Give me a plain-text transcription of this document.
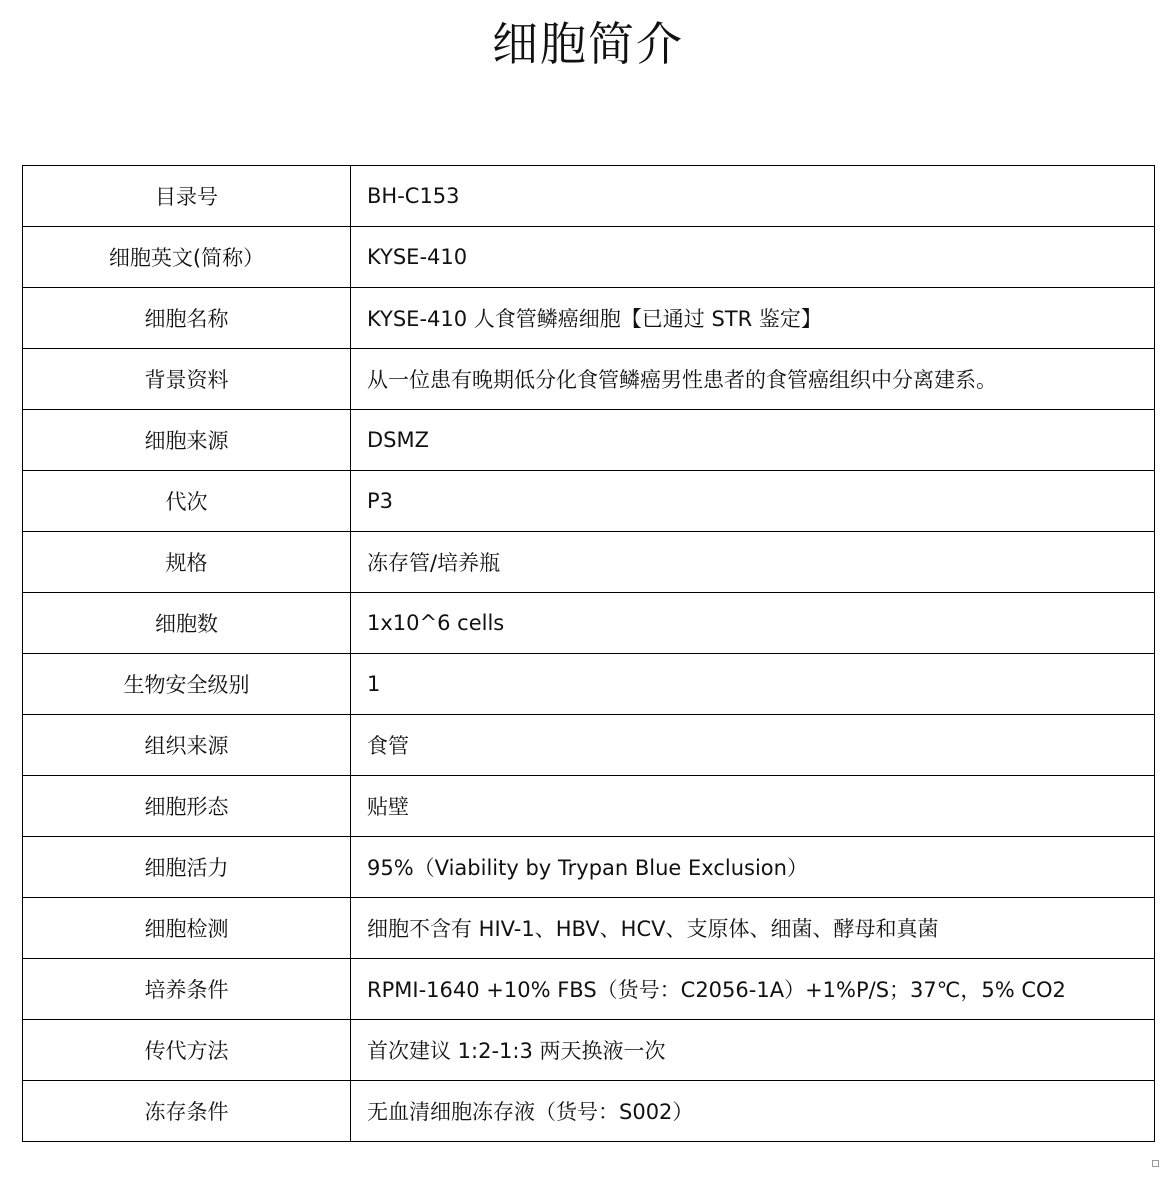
细胞简介
目录号	BH-C153
细胞英文(简称）	KYSE-410
细胞名称	KYSE-410 人食管鳞癌细胞【已通过 STR 鉴定】
背景资料	从一位患有晚期低分化食管鳞癌男性患者的食管癌组织中分离建系。
细胞来源	DSMZ
代次	P3
规格	冻存管/培养瓶
细胞数	1x10^6 cells
生物安全级别	1
组织来源	食管
细胞形态	贴壁
细胞活力	95%（Viability by Trypan Blue Exclusion）
细胞检测	细胞不含有 HIV-1、HBV、HCV、支原体、细菌、酵母和真菌
培养条件	RPMI-1640 +10% FBS（货号：C2056-1A）+1%P/S；37℃，5% CO2
传代方法	首次建议 1:2-1:3 两天换液一次
冻存条件	无血清细胞冻存液（货号：S002）
